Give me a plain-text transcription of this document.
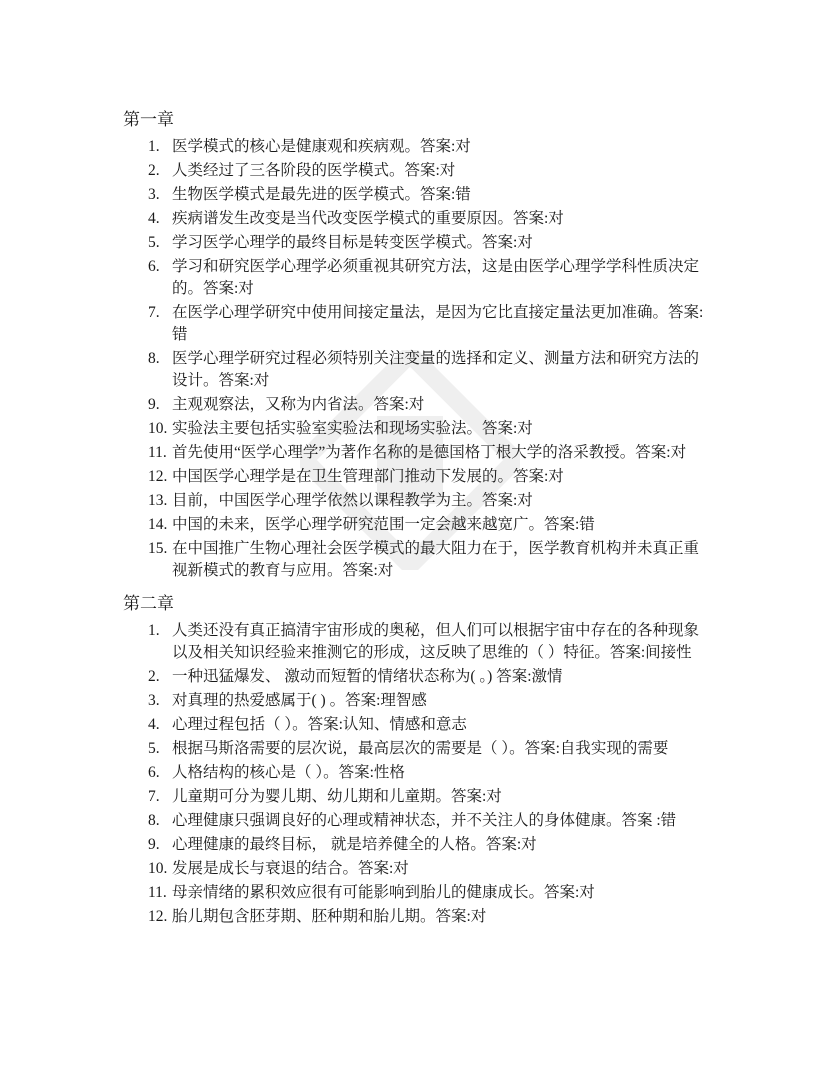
第一章
1. 医学模式的核心是健康观和疾病观。答案:对
2. 人类经过了三各阶段的医学模式。答案:对
3. 生物医学模式是最先进的医学模式。答案:错
4. 疾病谱发生改变是当代改变医学模式的重要原因。答案:对
5. 学习医学心理学的最终目标是转变医学模式。答案:对
6. 学习和研究医学心理学必须重视其研究方法，这是由医学心理学学科性质决定的。答案:对
7. 在医学心理学研究中使用间接定量法，是因为它比直接定量法更加准确。答案:错
8. 医学心理学研究过程必须特别关注变量的选择和定义、测量方法和研究方法的设计。答案:对
9. 主观观察法，又称为内省法。答案:对
10. 实验法主要包括实验室实验法和现场实验法。答案:对
11. 首先使用“医学心理学”为著作名称的是德国格丁根大学的洛采教授。答案:对
12. 中国医学心理学是在卫生管理部门推动下发展的。答案:对
13. 目前，中国医学心理学依然以课程教学为主。答案:对
14. 中国的未来，医学心理学研究范围一定会越来越宽广。答案:错
15. 在中国推广生物心理社会医学模式的最大阻力在于，医学教育机构并未真正重视新模式的教育与应用。答案:对
第二章
1. 人类还没有真正搞清宇宙形成的奥秘，但人们可以根据宇宙中存在的各种现象以及相关知识经验来推测它的形成，这反映了思维的（ ）特征。答案:间接性
2. 一种迅猛爆发、 激动而短暂的情绪状态称为( 。) 答案:激情
3. 对真理的热爱感属于( ) 。答案:理智感
4. 心理过程包括（ ）。答案:认知、情感和意志
5. 根据马斯洛需要的层次说，最高层次的需要是（ ）。答案:自我实现的需要
6. 人格结构的核心是（ ）。答案:性格
7. 儿童期可分为婴儿期、幼儿期和儿童期。答案:对
8. 心理健康只强调良好的心理或精神状态，并不关注人的身体健康。答案 :错
9. 心理健康的最终目标， 就是培养健全的人格。答案:对
10. 发展是成长与衰退的结合。答案:对
11. 母亲情绪的累积效应很有可能影响到胎儿的健康成长。答案:对
12. 胎儿期包含胚芽期、胚种期和胎儿期。答案:对
